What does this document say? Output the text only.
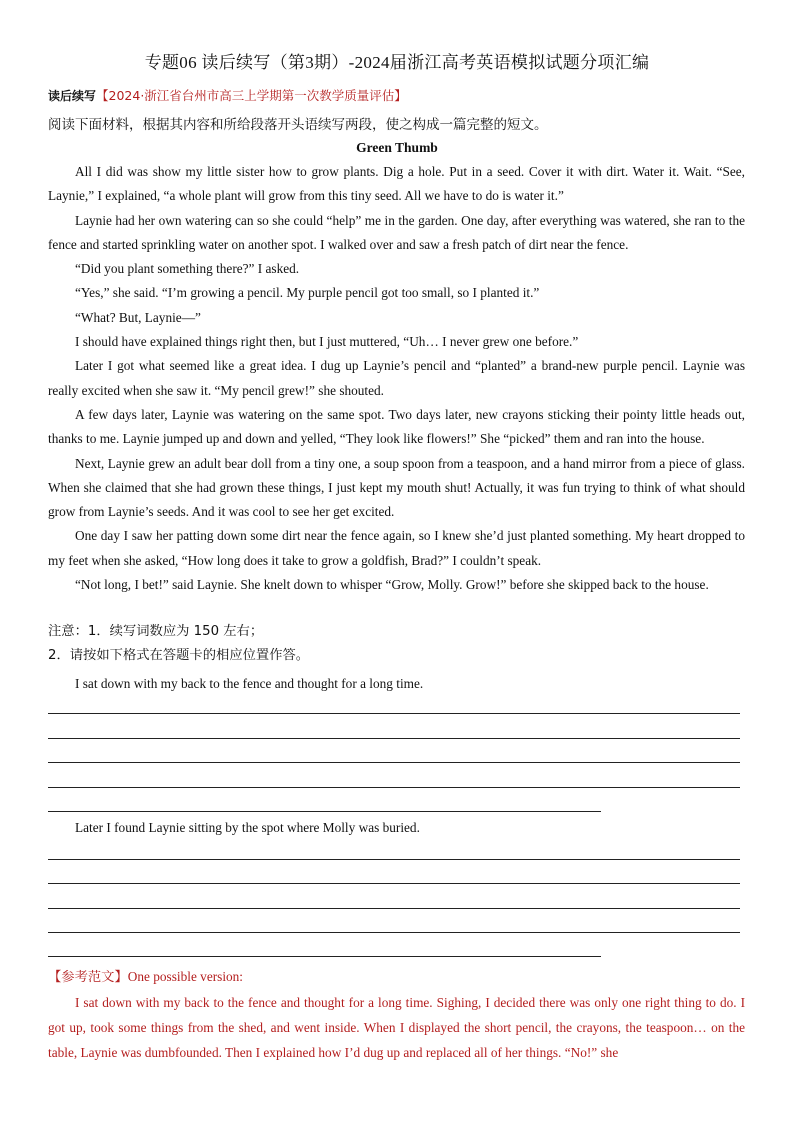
专题06 读后续写（第3期）-2024届浙江高考英语模拟试题分项汇编
读后续写【2024·浙江省台州市高三上学期第一次教学质量评估】
阅读下面材料，根据其内容和所给段落开头语续写两段，使之构成一篇完整的短文。
Green Thumb

All I did was show my little sister how to grow plants. Dig a hole. Put in a seed. Cover it with dirt. Water it. Wait. “See, Laynie,” I explained, “a whole plant will grow from this tiny seed. All we have to do is water it.”

Laynie had her own watering can so she could “help” me in the garden. One day, after everything was watered, she ran to the fence and started sprinkling water on another spot. I walked over and saw a fresh patch of dirt near the fence.

“Did you plant something there?” I asked.

“Yes,” she said. “I’m growing a pencil. My purple pencil got too small, so I planted it.”

“What? But, Laynie—”

I should have explained things right then, but I just muttered, “Uh… I never grew one before.”

Later I got what seemed like a great idea. I dug up Laynie’s pencil and “planted” a brand-new purple pencil. Laynie was really excited when she saw it. “My pencil grew!” she shouted.

A few days later, Laynie was watering on the same spot. Two days later, new crayons sticking their pointy little heads out, thanks to me. Laynie jumped up and down and yelled, “They look like flowers!” She “picked” them and ran into the house.

Next, Laynie grew an adult bear doll from a tiny one, a soup spoon from a teaspoon, and a hand mirror from a piece of glass. When she claimed that she had grown these things, I just kept my mouth shut! Actually, it was fun trying to think of what should grow from Laynie’s seeds. And it was cool to see her get excited.

One day I saw her patting down some dirt near the fence again, so I knew she’d just planted something. My heart dropped to my feet when she asked, “How long does it take to grow a goldfish, Brad?” I couldn’t speak.

“Not long, I bet!” said Laynie. She knelt down to whisper “Grow, Molly. Grow!” before she skipped back to the house.

注意：1．续写词数应为 150 左右；
2．请按如下格式在答题卡的相应位置作答。
I sat down with my back to the fence and thought for a long time.
Later I found Laynie sitting by the spot where Molly was buried.
【参考范文】One possible version:

I sat down with my back to the fence and thought for a long time. Sighing, I decided there was only one right thing to do. I got up, took some things from the shed, and went inside. When I displayed the short pencil, the crayons, the teaspoon… on the table, Laynie was dumbfounded. Then I explained how I’d dug up and replaced all of her things. “No!” she
